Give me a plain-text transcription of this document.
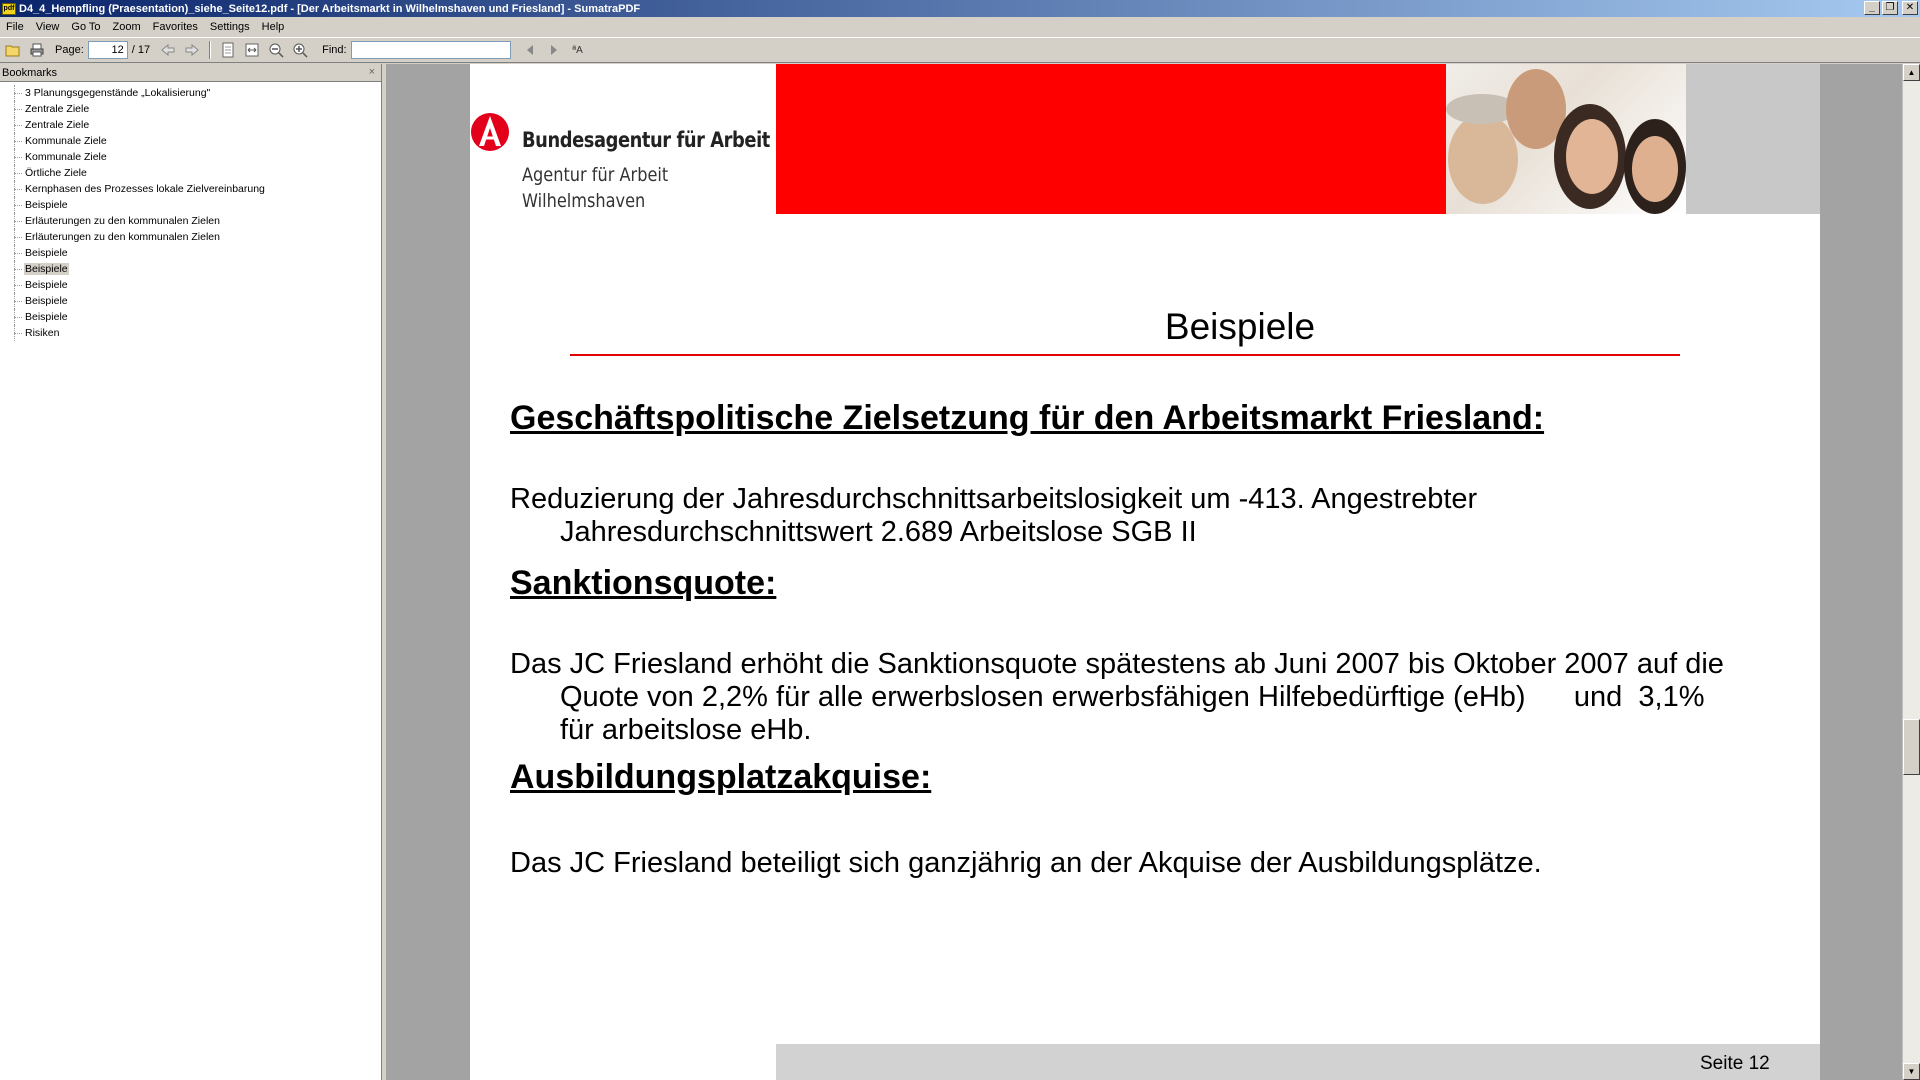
pdf D4_4_Hempfling (Praesentation)_siehe_Seite12.pdf - [Der Arbeitsmarkt in Wilhelmshaven und Friesland] - SumatraPDF	_	❐	✕
File	View	Go To	Zoom	Favorites	Settings	Help
Page:
12	/ 17	Find:	ªA
Bookmarks	×
3 Planungsgegenstände „Lokalisierung"
Zentrale Ziele
Zentrale Ziele
Kommunale Ziele
Kommunale Ziele
Örtliche Ziele
Kernphasen des Prozesses lokale Zielvereinbarung
Beispiele
Erläuterungen zu den kommunalen Zielen
Erläuterungen zu den kommunalen Zielen
Beispiele
Beispiele
Beispiele
Beispiele
Beispiele
Risiken
Bundesagentur für Arbeit
Agentur für Arbeit
Wilhelmshaven
Beispiele
Geschäftspolitische Zielsetzung für den Arbeitsmarkt Friesland:
Reduzierung der Jahresdurchschnittsarbeitslosigkeit um -413. Angestrebter
Jahresdurchschnittswert 2.689 Arbeitslose SGB II
Sanktionsquote:
Das JC Friesland erhöht die Sanktionsquote spätestens ab Juni 2007 bis Oktober 2007 auf die
Quote von 2,2% für alle erwerbslosen erwerbsfähigen Hilfebedürftige (eHb)      und  3,1%
für arbeitslose eHb.
Ausbildungsplatzakquise:
Das JC Friesland beteiligt sich ganzjährig an der Akquise der Ausbildungsplätze.
Seite 12
▲
▼
